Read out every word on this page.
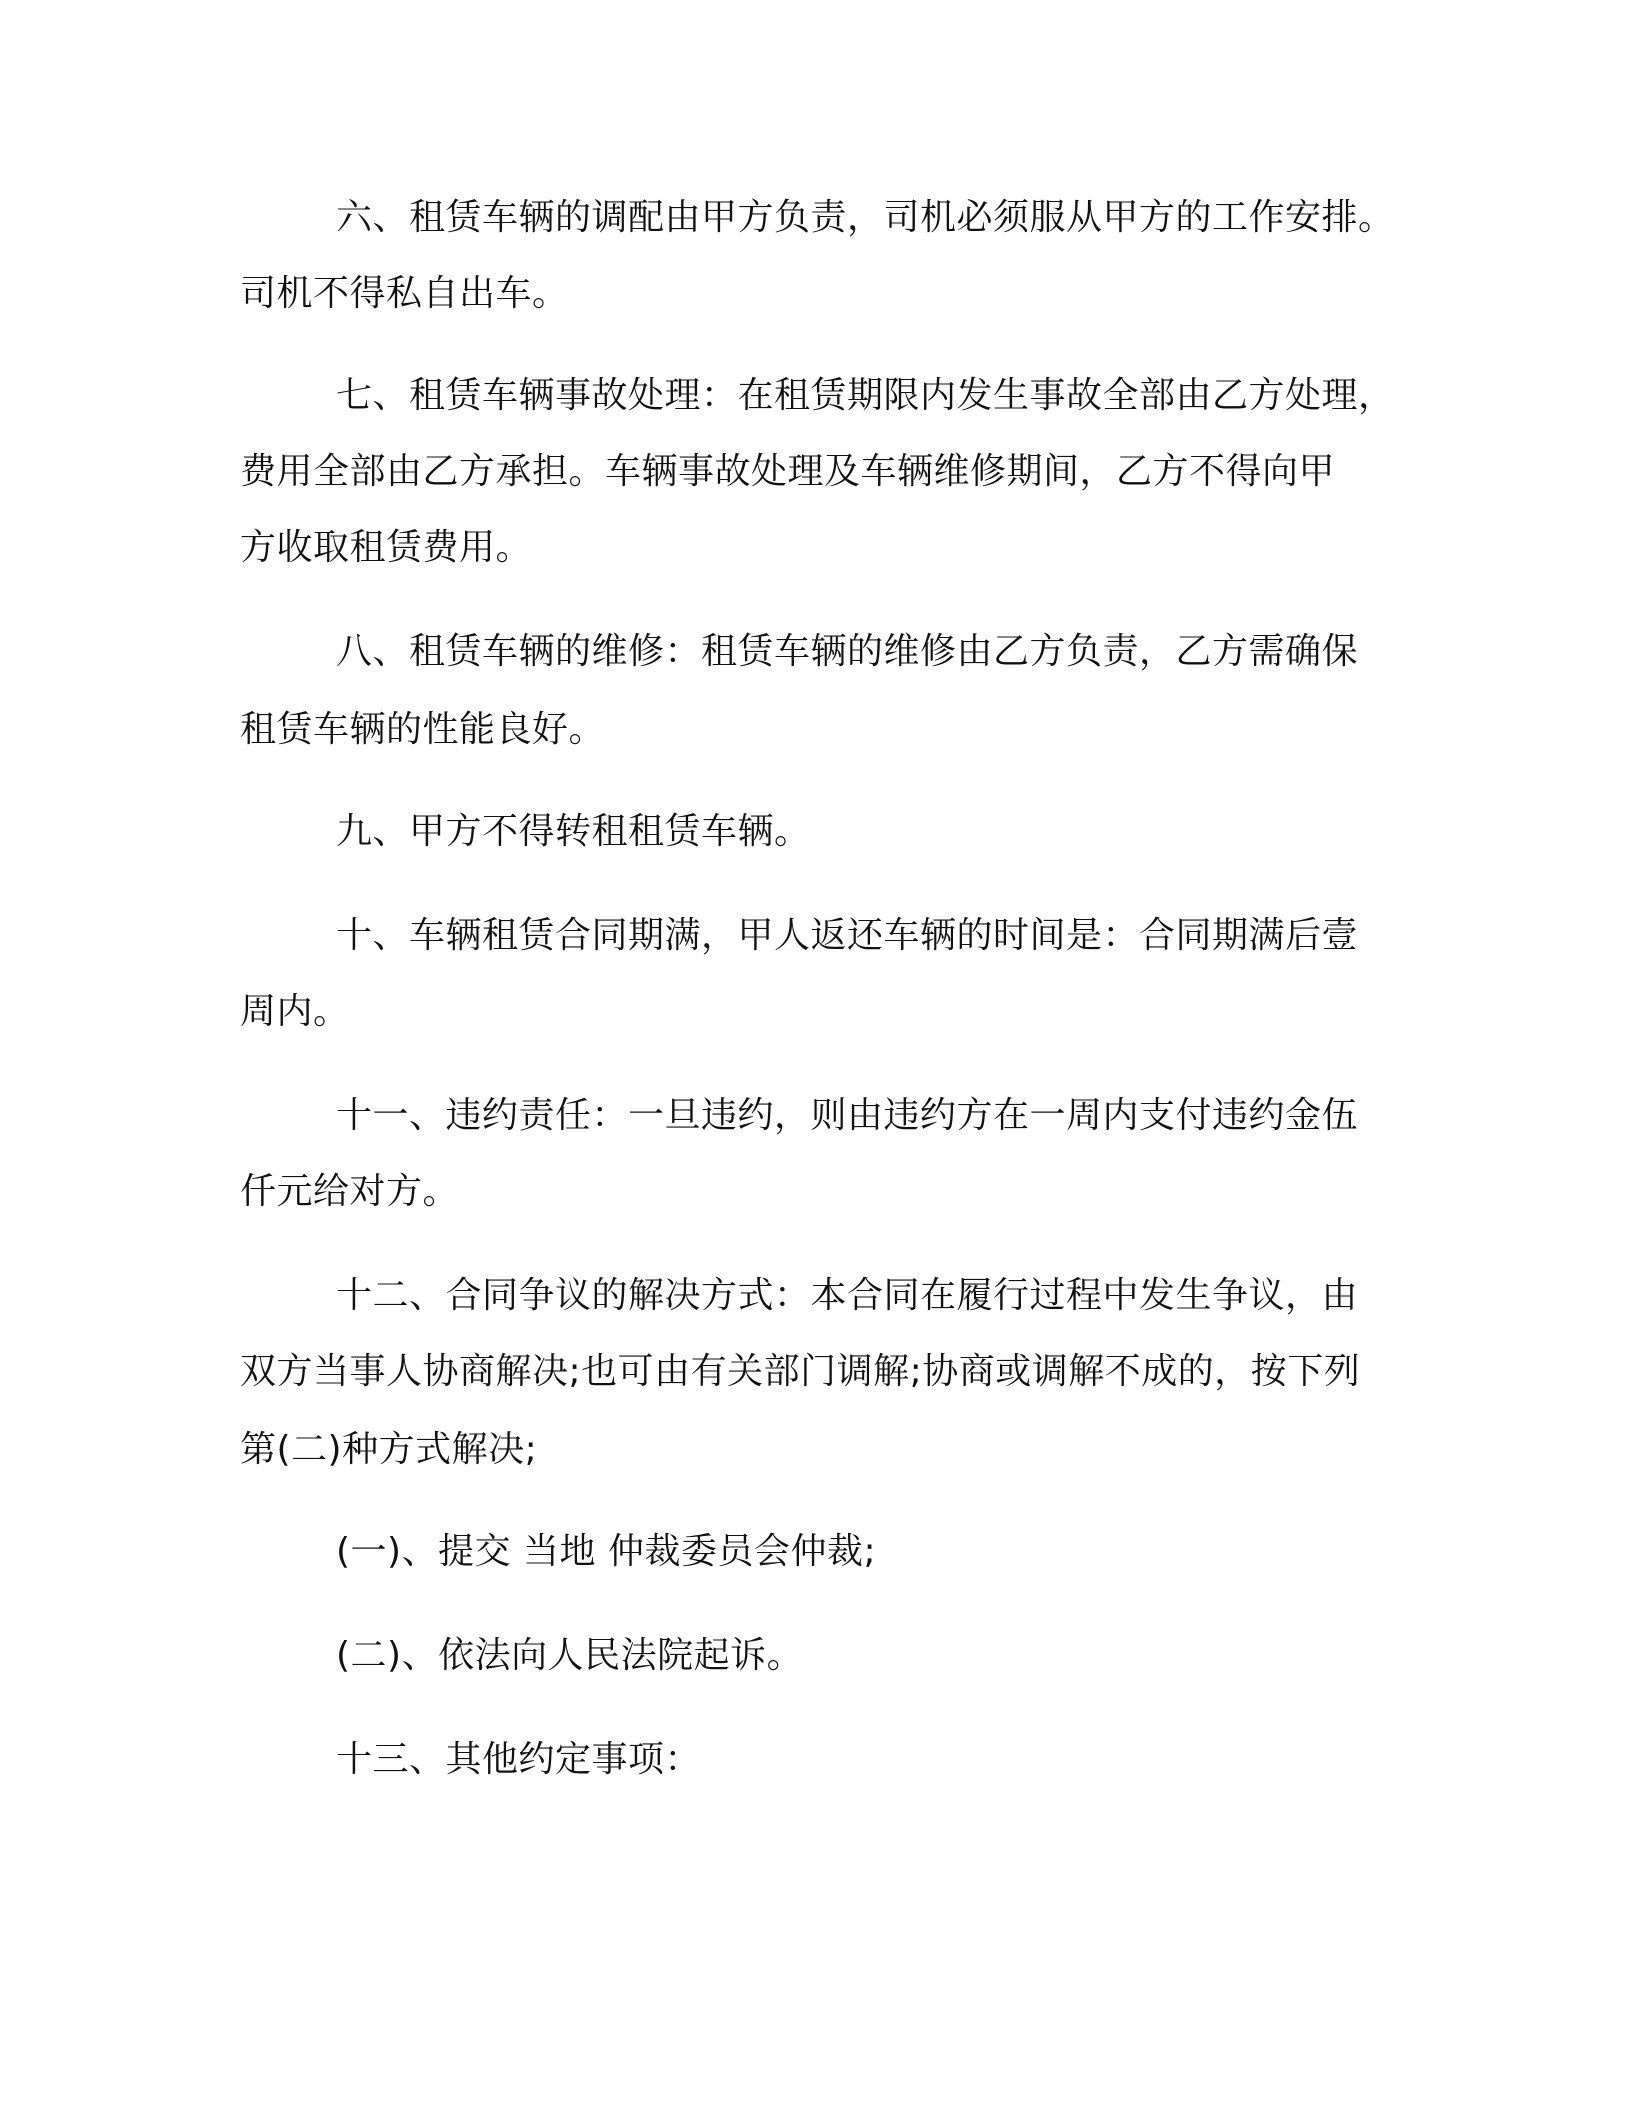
六、租赁车辆的调配由甲方负责，司机必须服从甲方的工作安排。
司机不得私自出车。
七、租赁车辆事故处理：在租赁期限内发生事故全部由乙方处理，
费用全部由乙方承担。车辆事故处理及车辆维修期间，乙方不得向甲
方收取租赁费用。
八、租赁车辆的维修：租赁车辆的维修由乙方负责，乙方需确保
租赁车辆的性能良好。
九、甲方不得转租租赁车辆。
十、车辆租赁合同期满，甲人返还车辆的时间是：合同期满后壹
周内。
十一、违约责任：一旦违约，则由违约方在一周内支付违约金伍
仟元给对方。
十二、合同争议的解决方式：本合同在履行过程中发生争议，由
双方当事人协商解决;也可由有关部门调解;协商或调解不成的，按下列
第(二)种方式解决;
(一)、提交 当地 仲裁委员会仲裁;
(二)、依法向人民法院起诉。
十三、其他约定事项：
